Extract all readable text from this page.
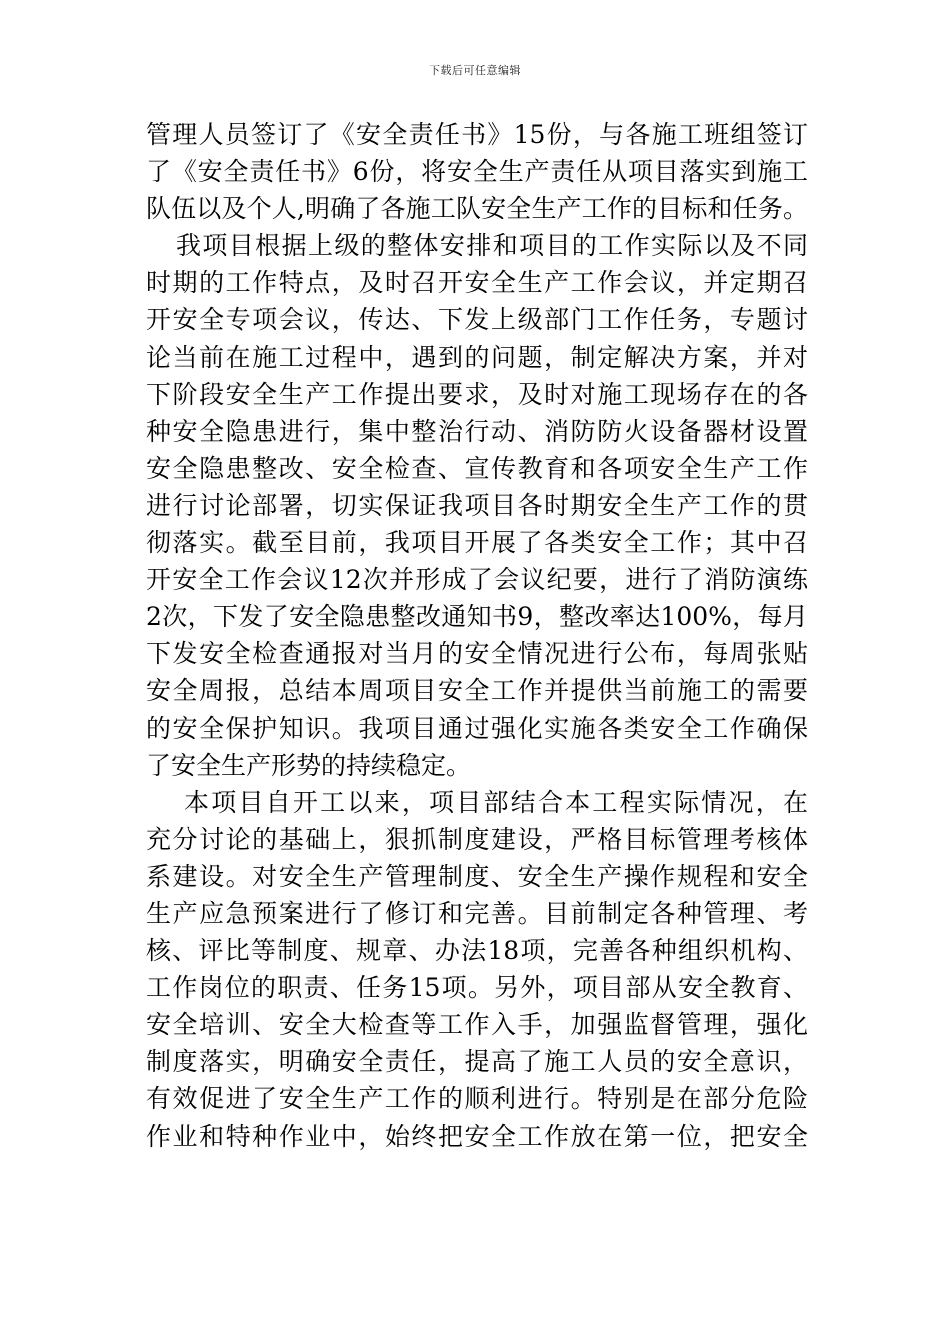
下载后可任意编辑
管理人员签订了《安全责任书》15份，与各施工班组签订
了《安全责任书》6份，将安全生产责任从项目落实到施工
队伍以及个人,明确了各施工队安全生产工作的目标和任务。
我项目根据上级的整体安排和项目的工作实际以及不同
时期的工作特点，及时召开安全生产工作会议，并定期召
开安全专项会议，传达、下发上级部门工作任务，专题讨
论当前在施工过程中，遇到的问题，制定解决方案，并对
下阶段安全生产工作提出要求，及时对施工现场存在的各
种安全隐患进行，集中整治行动、消防防火设备器材设置
安全隐患整改、安全检查、宣传教育和各项安全生产工作
进行讨论部署，切实保证我项目各时期安全生产工作的贯
彻落实。截至目前，我项目开展了各类安全工作；其中召
开安全工作会议12次并形成了会议纪要，进行了消防演练
2次，下发了安全隐患整改通知书9，整改率达100%，每月
下发安全检查通报对当月的安全情况进行公布，每周张贴
安全周报，总结本周项目安全工作并提供当前施工的需要
的安全保护知识。我项目通过强化实施各类安全工作确保
了安全生产形势的持续稳定。
本项目自开工以来，项目部结合本工程实际情况，在
充分讨论的基础上，狠抓制度建设，严格目标管理考核体
系建设。对安全生产管理制度、安全生产操作规程和安全
生产应急预案进行了修订和完善。目前制定各种管理、考
核、评比等制度、规章、办法18项，完善各种组织机构、
工作岗位的职责、任务15项。另外，项目部从安全教育、
安全培训、安全大检查等工作入手，加强监督管理，强化
制度落实，明确安全责任，提高了施工人员的安全意识，
有效促进了安全生产工作的顺利进行。特别是在部分危险
作业和特种作业中，始终把安全工作放在第一位，把安全
